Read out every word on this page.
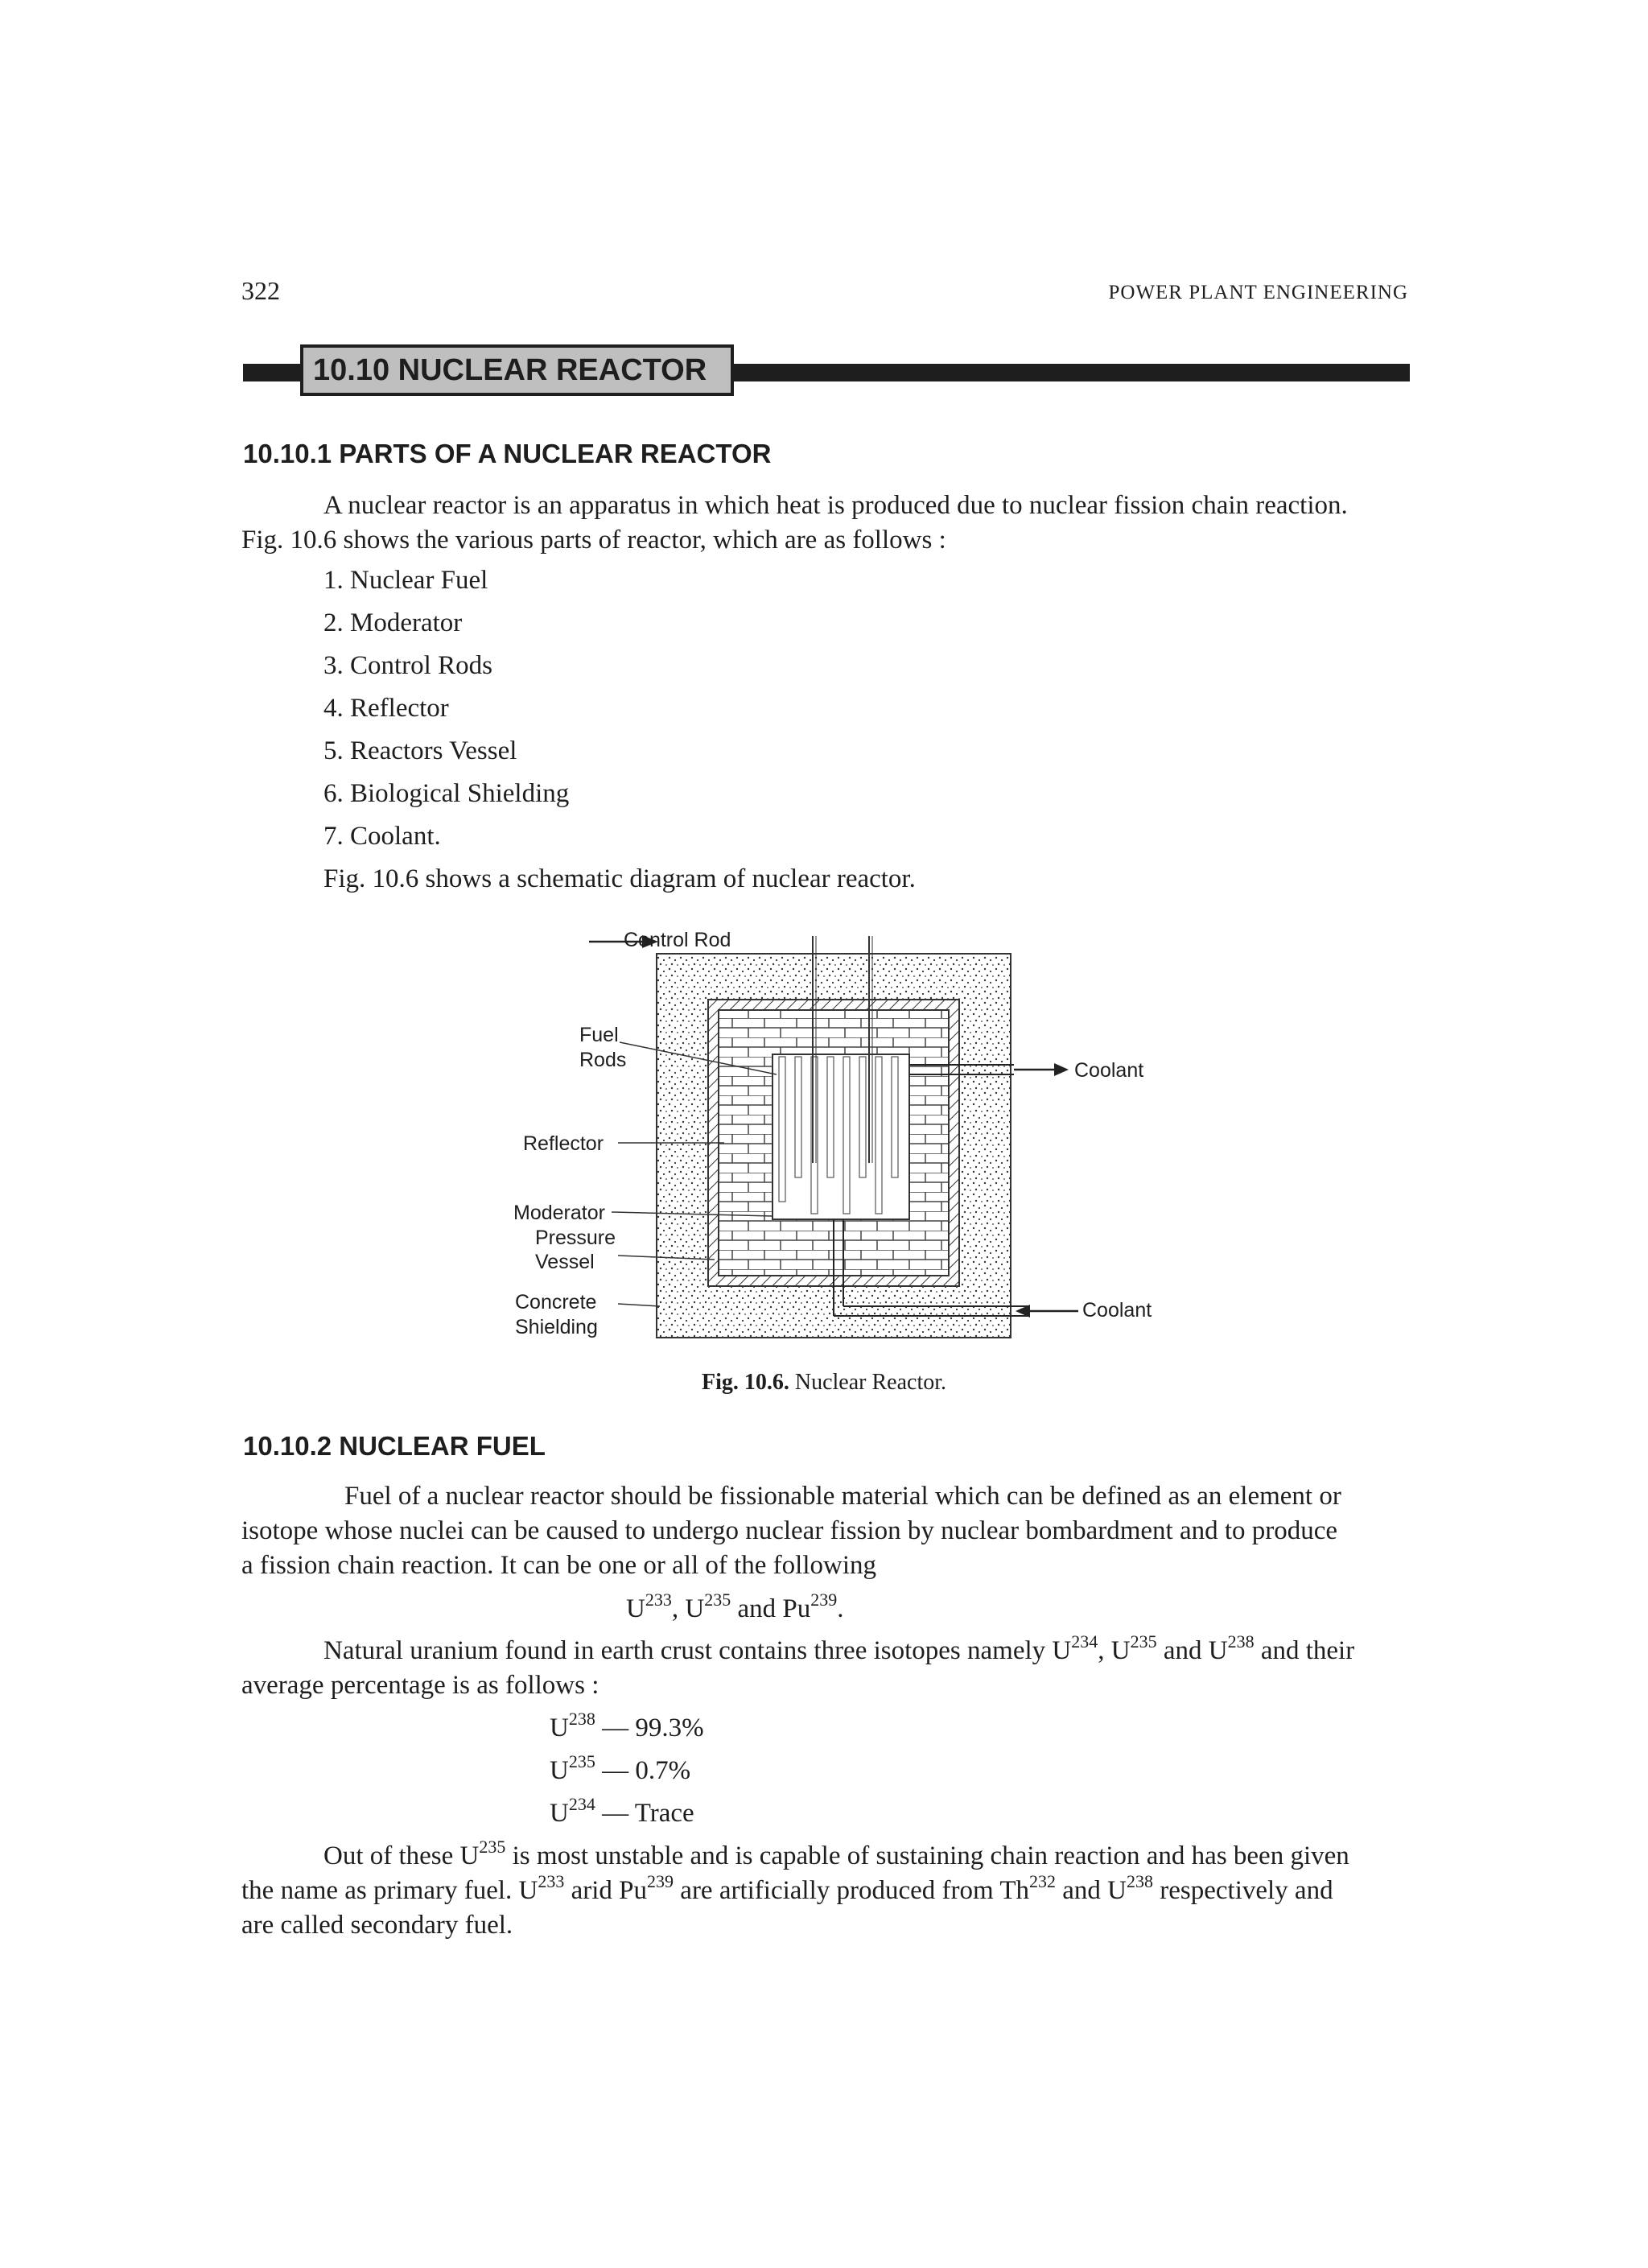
322	POWER PLANT ENGINEERING
10.10 NUCLEAR REACTOR
10.10.1 PARTS OF A NUCLEAR REACTOR
A nuclear reactor is an apparatus in which heat is produced due to nuclear fission chain reaction.
Fig. 10.6 shows the various parts of reactor, which are as follows :
1. Nuclear Fuel
2. Moderator
3. Control Rods
4. Reflector
5. Reactors Vessel
6. Biological Shielding
7. Coolant.
Fig. 10.6 shows a schematic diagram of nuclear reactor.
Control Rod
Fuel
Rods
Reflector
Moderator
Pressure
Vessel
Concrete
Shielding
Coolant
Coolant
Fig. 10.6. Nuclear Reactor.
10.10.2 NUCLEAR FUEL
Fuel of a nuclear reactor should be fissionable material which can be defined as an element or
isotope whose nuclei can be caused to undergo nuclear fission by nuclear bombardment and to produce
a fission chain reaction. It can be one or all of the following
$U^{233}$, $U^{235}$ and Pu$^{239}$.
Natural uranium found in earth crust contains three isotopes namely $U^{234}$, $U^{235}$ and $U^{238}$ and their
average percentage is as follows :
$U^{238}$ — 99.3%
$U^{235}$ — 0.7%
$U^{234}$ — Trace
Out of these $U^{235}$ is most unstable and is capable of sustaining chain reaction and has been given
the name as primary fuel. $U^{233}$ arid Pu$^{239}$ are artificially produced from Th$^{232}$ and $U^{238}$ respectively and
are called secondary fuel.
